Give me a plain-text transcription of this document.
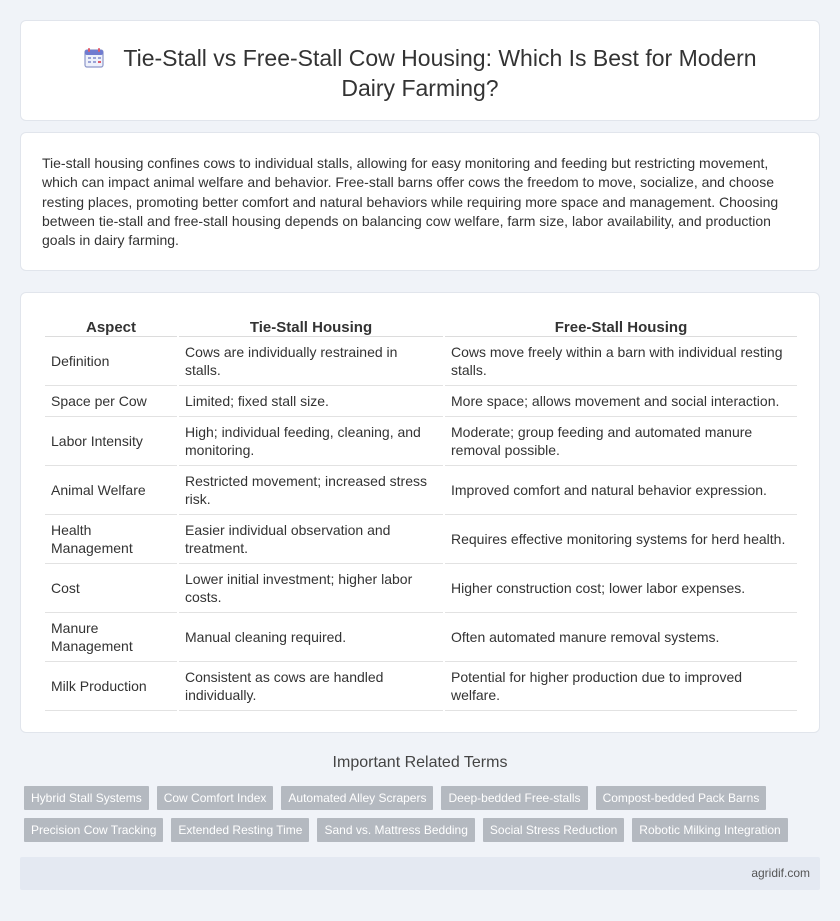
Tie-Stall vs Free-Stall Cow Housing: Which Is Best for Modern Dairy Farming?

Tie-stall housing confines cows to individual stalls, allowing for easy monitoring and feeding but restricting movement, which can impact animal welfare and behavior. Free-stall barns offer cows the freedom to move, socialize, and choose resting places, promoting better comfort and natural behaviors while requiring more space and management. Choosing between tie-stall and free-stall housing depends on balancing cow welfare, farm size, labor availability, and production goals in dairy farming.

Aspect	Tie-Stall Housing	Free-Stall Housing
Definition	Cows are individually restrained in stalls.	Cows move freely within a barn with individual resting stalls.
Space per Cow	Limited; fixed stall size.	More space; allows movement and social interaction.
Labor Intensity	High; individual feeding, cleaning, and monitoring.	Moderate; group feeding and automated manure removal possible.
Animal Welfare	Restricted movement; increased stress risk.	Improved comfort and natural behavior expression.
Health Management	Easier individual observation and treatment.	Requires effective monitoring systems for herd health.
Cost	Lower initial investment; higher labor costs.	Higher construction cost; lower labor expenses.
Manure Management	Manual cleaning required.	Often automated manure removal systems.
Milk Production	Consistent as cows are handled individually.	Potential for higher production due to improved welfare.
Important Related Terms
Hybrid Stall Systems	Cow Comfort Index	Automated Alley Scrapers	Deep-bedded Free-stalls	Compost-bedded Pack Barns
Precision Cow Tracking	Extended Resting Time	Sand vs. Mattress Bedding	Social Stress Reduction	Robotic Milking Integration
agridif.com
